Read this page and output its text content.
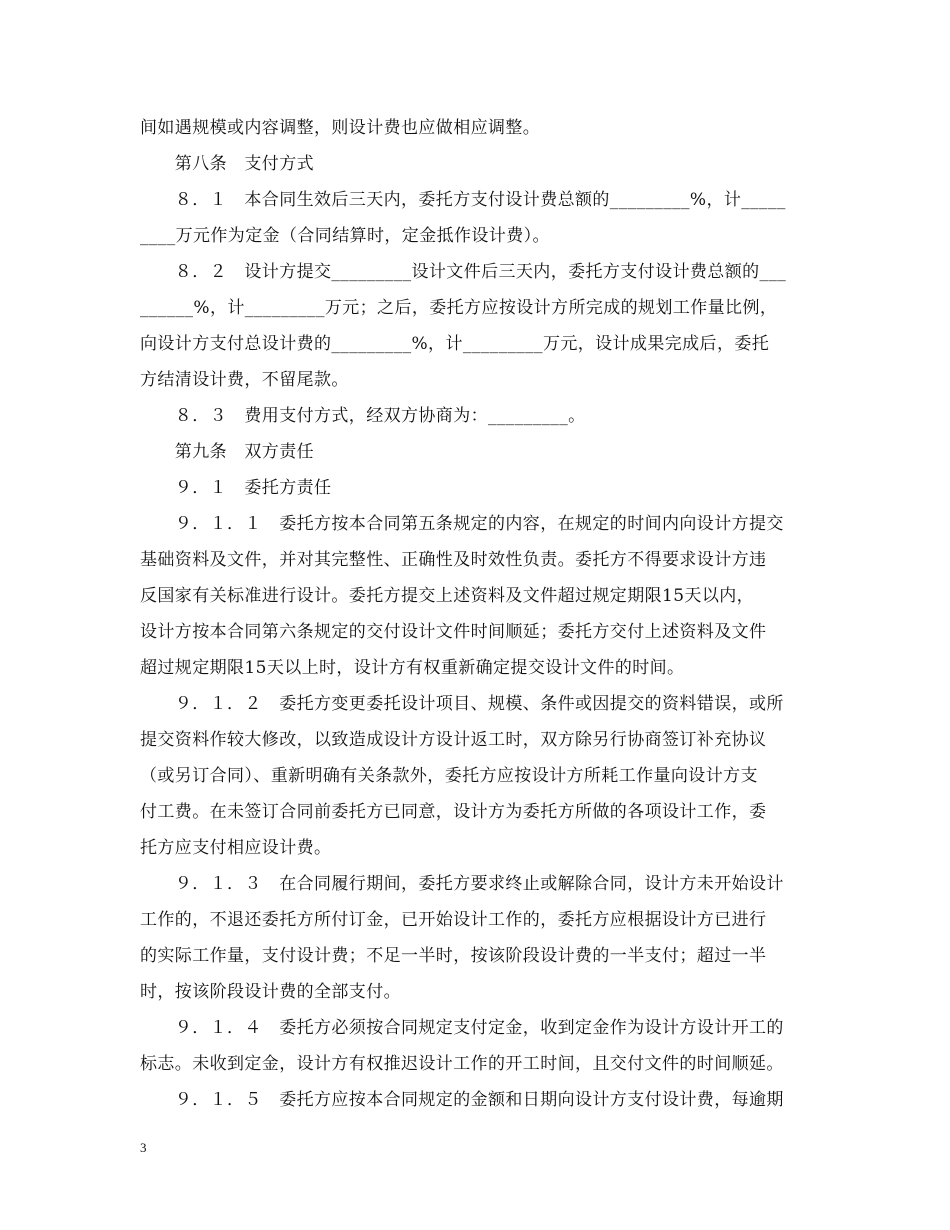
间如遇规模或内容调整，则设计费也应做相应调整。
　　第八条　支付方式
　　８．１　本合同生效后三天内，委托方支付设计费总额的_________%，计_____
____万元作为定金（合同结算时，定金抵作设计费）。
　　８．２　设计方提交_________设计文件后三天内，委托方支付设计费总额的___
______%，计_________万元；之后，委托方应按设计方所完成的规划工作量比例，
向设计方支付总设计费的_________%，计_________万元，设计成果完成后，委托
方结清设计费，不留尾款。
　　８．３　费用支付方式，经双方协商为：_________。
　　第九条　双方责任
　　９．１　委托方责任
　　９．１．１　委托方按本合同第五条规定的内容，在规定的时间内向设计方提交
基础资料及文件，并对其完整性、正确性及时效性负责。委托方不得要求设计方违
反国家有关标准进行设计。委托方提交上述资料及文件超过规定期限15天以内，
设计方按本合同第六条规定的交付设计文件时间顺延；委托方交付上述资料及文件
超过规定期限15天以上时，设计方有权重新确定提交设计文件的时间。
　　９．１．２　委托方变更委托设计项目、规模、条件或因提交的资料错误，或所
提交资料作较大修改，以致造成设计方设计返工时，双方除另行协商签订补充协议
（或另订合同）、重新明确有关条款外，委托方应按设计方所耗工作量向设计方支
付工费。在未签订合同前委托方已同意，设计方为委托方所做的各项设计工作，委
托方应支付相应设计费。
　　９．１．３　在合同履行期间，委托方要求终止或解除合同，设计方未开始设计
工作的，不退还委托方所付订金，已开始设计工作的，委托方应根据设计方已进行
的实际工作量，支付设计费；不足一半时，按该阶段设计费的一半支付；超过一半
时，按该阶段设计费的全部支付。
　　９．１．４　委托方必须按合同规定支付定金，收到定金作为设计方设计开工的
标志。未收到定金，设计方有权推迟设计工作的开工时间，且交付文件的时间顺延。
　　９．１．５　委托方应按本合同规定的金额和日期向设计方支付设计费，每逾期
3
